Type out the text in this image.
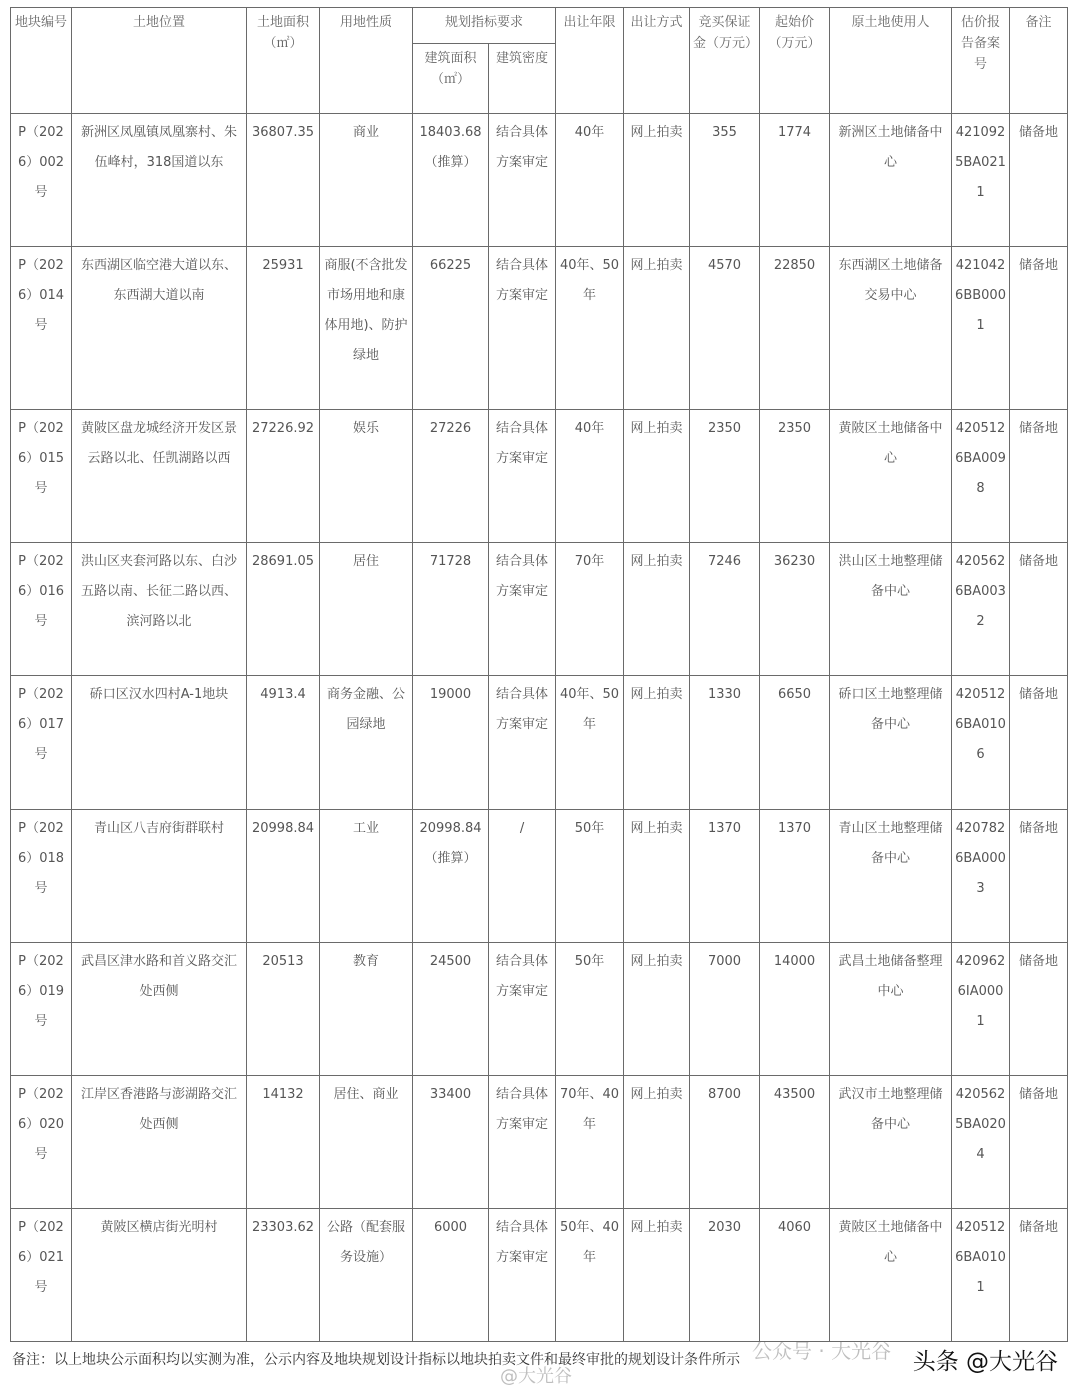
地块编号	土地位置	土地面积（㎡）	用地性质	规划指标要求		出让年限	出让方式	竞买保证金（万元）	起始价（万元）	原土地使用人	估价报告备案号	备注
				建筑面积（㎡）	建筑密度							
P（2026）002号	新洲区凤凰镇凤凰寨村、朱伍峰村，318国道以东	36807.35	商业	18403.68（推算）	结合具体方案审定	40年	网上拍卖	355	1774	新洲区土地储备中心	4210925BA0211	储备地
P（2026）014号	东西湖区临空港大道以东、东西湖大道以南	25931	商服(不含批发市场用地和康体用地)、防护绿地	66225	结合具体方案审定	40年、50年	网上拍卖	4570	22850	东西湖区土地储备交易中心	4210426BB0001	储备地
P（2026）015号	黄陂区盘龙城经济开发区景云路以北、任凯湖路以西	27226.92	娱乐	27226	结合具体方案审定	40年	网上拍卖	2350	2350	黄陂区土地储备中心	4205126BA0098	储备地
P（2026）016号	洪山区夹套河路以东、白沙五路以南、长征二路以西、滨河路以北	28691.05	居住	71728	结合具体方案审定	70年	网上拍卖	7246	36230	洪山区土地整理储备中心	4205626BA0032	储备地
P（2026）017号	硚口区汉水四村A-1地块	4913.4	商务金融、公园绿地	19000	结合具体方案审定	40年、50年	网上拍卖	1330	6650	硚口区土地整理储备中心	4205126BA0106	储备地
P（2026）018号	青山区八吉府街群联村	20998.84	工业	20998.84（推算）	/	50年	网上拍卖	1370	1370	青山区土地整理储备中心	4207826BA0003	储备地
P（2026）019号	武昌区津水路和首义路交汇处西侧	20513	教育	24500	结合具体方案审定	50年	网上拍卖	7000	14000	武昌土地储备整理中心	4209626IA0001	储备地
P（2026）020号	江岸区香港路与澎湖路交汇处西侧	14132	居住、商业	33400	结合具体方案审定	70年、40年	网上拍卖	8700	43500	武汉市土地整理储备中心	4205625BA0204	储备地
P（2026）021号	黄陂区横店街光明村	23303.62	公路（配套服务设施）	6000	结合具体方案审定	50年、40年	网上拍卖	2030	4060	黄陂区土地储备中心	4205126BA0101	储备地
备注：以上地块公示面积均以实测为准，公示内容及地块规划设计指标以地块拍卖文件和最终审批的规划设计条件所示 公众号 · 大光谷
@大光谷
头条 @大光谷
